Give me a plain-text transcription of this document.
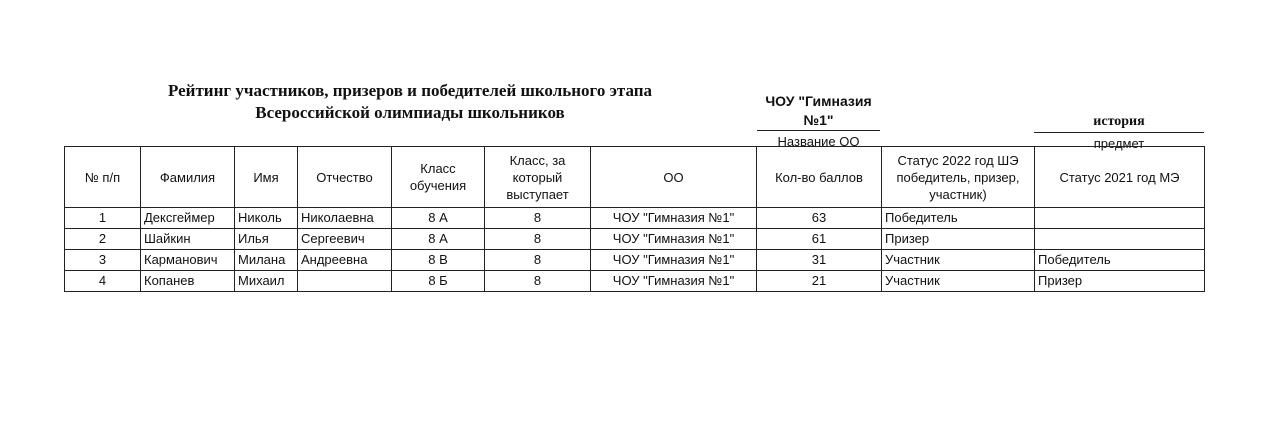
Рейтинг участников, призеров и победителей школьного этапа
Всероссийской олимпиады школьников
ЧОУ "Гимназия
№1"
Название ОО
история
предмет
№ п/п	Фамилия	Имя	Отчество	Класс
обучения	Класс, за
который
выступает	ОО	Кол-во баллов	Статус 2022 год ШЭ
победитель, призер,
участник)	Статус 2021 год МЭ
1	Дексгеймер	Николь	Николаевна	8 А	8	ЧОУ "Гимназия №1"	63	Победитель	
2	Шайкин	Илья	Сергеевич	8 А	8	ЧОУ "Гимназия №1"	61	Призер	
3	Карманович	Милана	Андреевна	8 В	8	ЧОУ "Гимназия №1"	31	Участник	Победитель
4	Копанев	Михаил		8 Б	8	ЧОУ "Гимназия №1"	21	Участник	Призер
